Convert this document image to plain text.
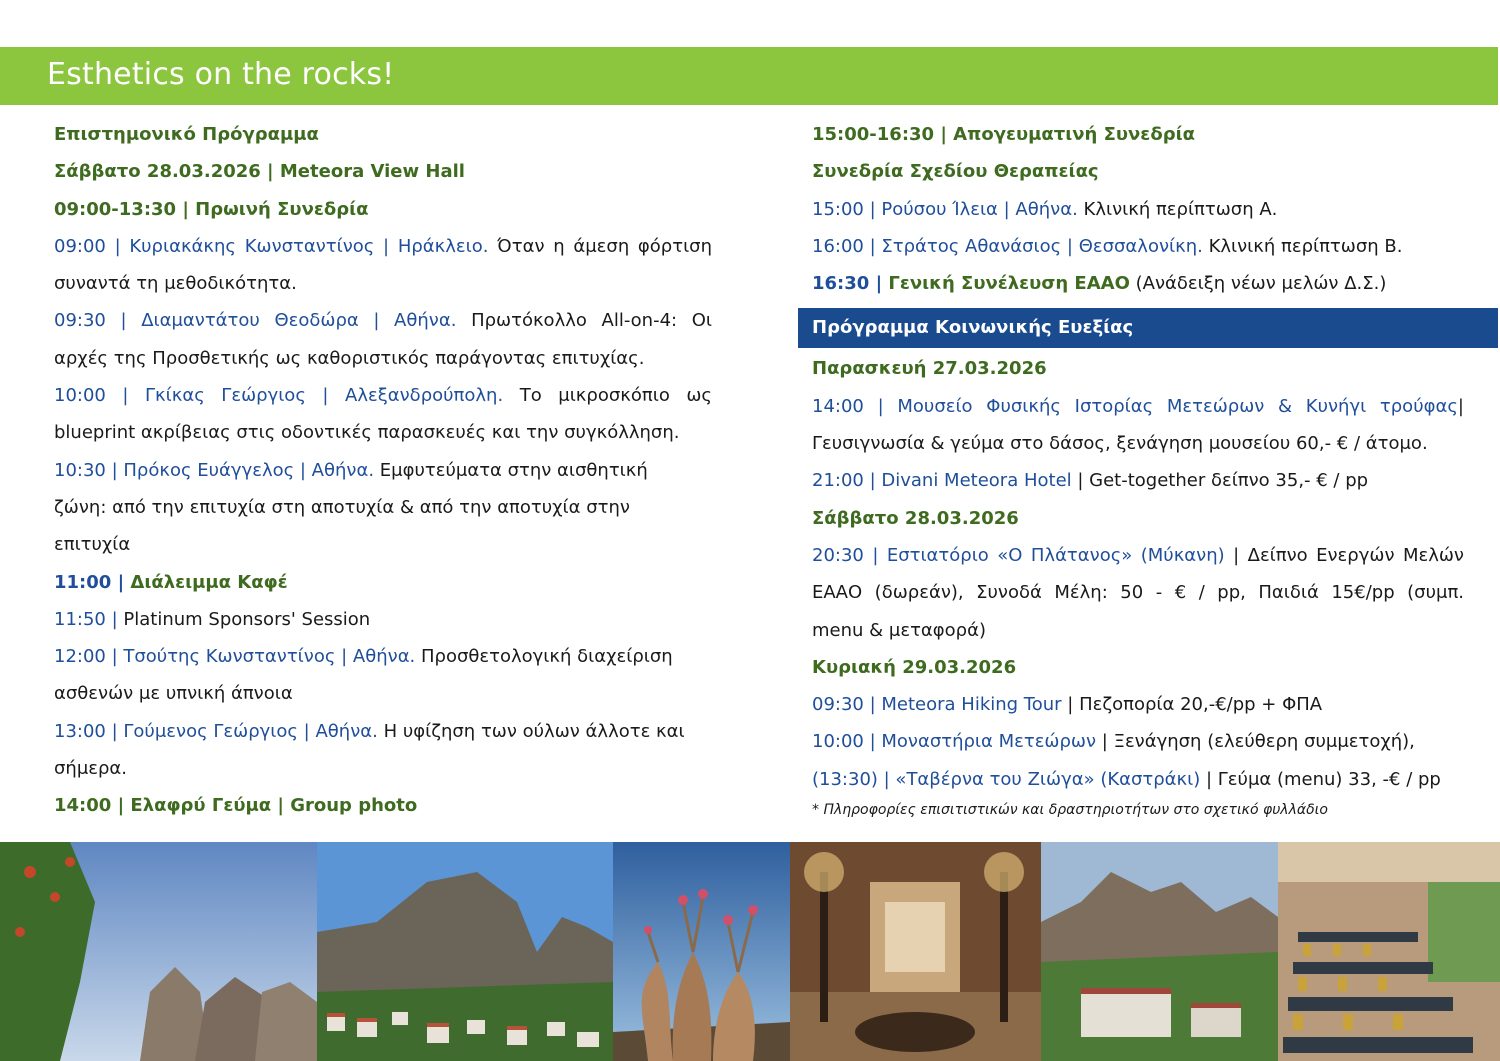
Esthetics on the rocks!
Επιστημονικό Πρόγραμμα
Σάββατο 28.03.2026 | Meteora View Hall
09:00-13:30 | Πρωινή Συνεδρία
09:00 | Κυριακάκης Κωνσταντίνος | Ηράκλειο. Όταν η άμεση φόρτιση
συναντά τη μεθοδικότητα.
09:30 | Διαμαντάτου Θεοδώρα | Αθήνα. Πρωτόκολλο All-on-4: Οι
αρχές της Προσθετικής ως καθοριστικός παράγοντας επιτυχίας.
10:00 | Γκίκας Γεώργιος | Αλεξανδρούπολη. Το μικροσκόπιο ως
blueprint ακρίβειας στις οδοντικές παρασκευές και την συγκόλληση.
10:30 | Πρόκος Ευάγγελος | Αθήνα. Εμφυτεύματα στην αισθητική
ζώνη: από την επιτυχία στη αποτυχία & από την αποτυχία στην
επιτυχία
11:00 | Διάλειμμα Καφέ
11:50 | Platinum Sponsors' Session
12:00 | Τσούτης Κωνσταντίνος | Αθήνα. Προσθετολογική διαχείριση
ασθενών με υπνική άπνοια
13:00 | Γούμενος Γεώργιος | Αθήνα. Η υφίζηση των ούλων άλλοτε και
σήμερα.
14:00 | Ελαφρύ Γεύμα | Group photo
15:00-16:30 | Απογευματινή Συνεδρία
Συνεδρία Σχεδίου Θεραπείας
15:00 | Ρούσου Ίλεια | Αθήνα. Κλινική περίπτωση Α.
16:00 | Στράτος Αθανάσιος | Θεσσαλονίκη. Κλινική περίπτωση Β.
16:30 | Γενική Συνέλευση ΕΑΑΟ (Ανάδειξη νέων μελών Δ.Σ.)
Πρόγραμμα Κοινωνικής Ευεξίας
Παρασκευή 27.03.2026
14:00 | Μουσείο Φυσικής Ιστορίας Μετεώρων & Κυνήγι τρούφας|
Γευσιγνωσία & γεύμα στο δάσος, ξενάγηση μουσείου 60,- € / άτομο.
21:00 | Divani Meteora Hotel | Get-together δείπνο 35,- € / pp
Σάββατο 28.03.2026
20:30 | Εστιατόριο «Ο Πλάτανος» (Μύκανη) | Δείπνο Ενεργών Μελών
ΕΑΑΟ (δωρεάν), Συνοδά Μέλη: 50 - € / pp, Παιδιά 15€/pp (συμπ.
menu & μεταφορά)
Κυριακή 29.03.2026
09:30 | Meteora Hiking Tour | Πεζοπορία 20,-€/pp + ΦΠΑ
10:00 | Μοναστήρια Μετεώρων | Ξενάγηση (ελεύθερη συμμετοχή),
(13:30) | «Ταβέρνα του Ζιώγα» (Καστράκι) | Γεύμα (menu) 33, -€ / pp
* Πληροφορίες επισιτιστικών και δραστηριοτήτων στο σχετικό φυλλάδιο
